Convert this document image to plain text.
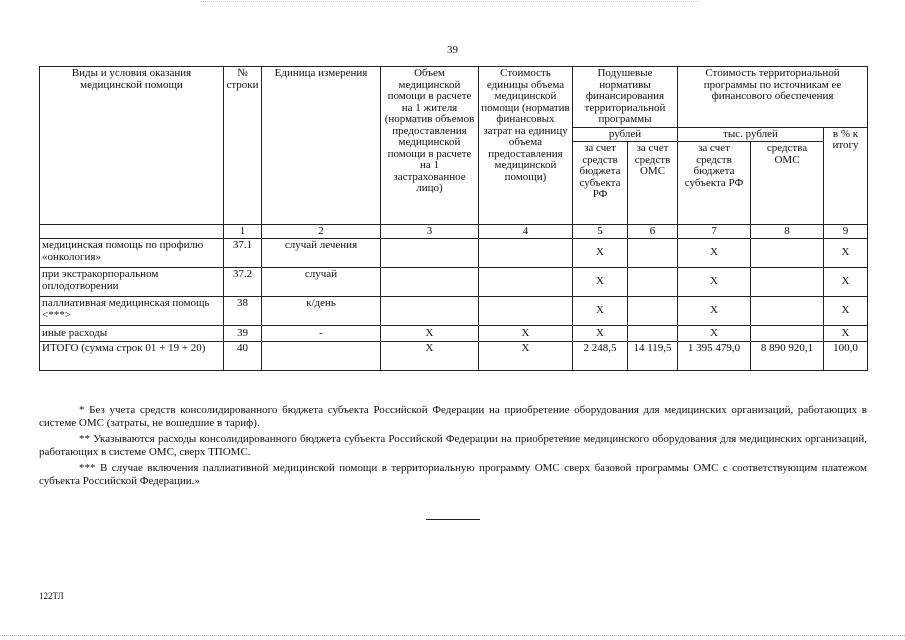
39
Виды и условия оказания медицинской помощи	№ строки	Единица измерения	Объем медицинской помощи в расчете на 1 жителя (норматив объемов предоставления медицинской помощи в расчете на 1 застрахованное лицо)	Стоимость единицы объема медицинской помощи (норматив финансовых затрат на единицу объема предоставления медицинской помощи)	Подушевые нормативы финансирования территориальной программы		Стоимость территориальной программы по источникам ее финансового обеспечения		
					рублей		тыс. рублей		в % к итогу
					за счет средств бюджета субъекта РФ	за счет средств ОМС	за счет средств бюджета субъекта РФ	средства ОМС	
	1	2	3	4	5	6	7	8	9
медицинская помощь по профилю «онкология»	37.1	случай лечения			X		X		X
при экстракорпоральном оплодотворении	37.2	случай			X		X		X
паллиативная медицинская помощь <***>	38	к/день			X		X		X
иные расходы	39	-	X	X	X		X		X
ИТОГО (сумма строк 01 + 19 + 20)	40		X	X	2 248,5	14 119,5	1 395 479,0	8 890 920,1	100,0

* Без учета средств консолидированного бюджета субъекта Российской Федерации на приобретение оборудования для медицинских организаций, работающих в системе ОМС (затраты, не вошедшие в тариф).

** Указываются расходы консолидированного бюджета субъекта Российской Федерации на приобретение медицинского оборудования для медицинских организаций, работающих в системе ОМС, сверх ТПОМС.

*** В случае включения паллиативной медицинской помощи в территориальную программу ОМС сверх базовой программы ОМС с соответствующим платежом субъекта Российской Федерации.»

122ТЛ
